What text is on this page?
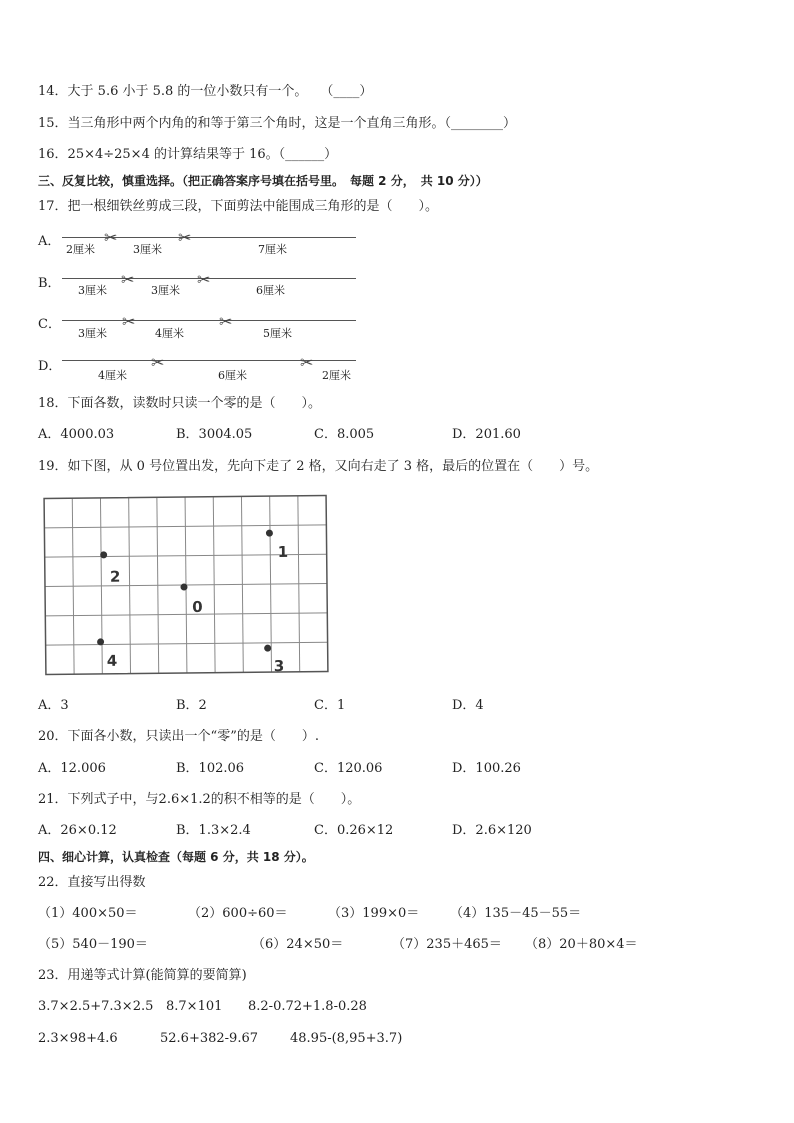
14．大于 5.6 小于 5.8 的一位小数只有一个。　　（____）
15．当三角形中两个内角的和等于第三个角时，这是一个直角三角形。（________）
16．25×4÷25×4 的计算结果等于 16。（______）
三、反复比较，慎重选择。（把正确答案序号填在括号里。　每题 2 分，　共 10 分））
17．把一根细铁丝剪成三段，下面剪法中能围成三角形的是（　　）。
A．
2厘米	3厘米	7厘米
✂	✂
B． 3厘米	3厘米	6厘米
✂	✂
C．
3厘米	4厘米	5厘米
✂	✂
D．
4厘米	6厘米	2厘米
✂	✂
18．下面各数，读数时只读一个零的是（　　）。
A．4000.03	B．3004.05	C．8.005	D．201.60
19．如下图，从 0 号位置出发，先向下走了 2 格，又向右走了 3 格，最后的位置在（　　）号。
1
2
0
4	3
A．3	B．2	C．1	D．4
20．下面各小数，只读出一个“零”的是（　　）.
A．12.006	B．102.06	C．120.06	D．100.26
21．下列式子中，与2.6×1.2的积不相等的是（　　）。
A．26×0.12	B．1.3×2.4	C．0.26×12	D．2.6×120
四、细心计算，认真检查（每题 6 分，共 18 分）。
22．直接写出得数
（1）400×50＝	（2）600÷60＝	（3）199×0＝ （4）135－45－55＝
（5）540－190＝	（6）24×50＝	（7）235＋465＝ （8）20＋80×4＝
23．用递等式计算(能简算的要简算)
3.7×2.5+7.3×2.5 8.7×101 8.2-0.72+1.8-0.28
2.3×98+4.6	52.6+382-9.67 48.95-(8,95+3.7)
